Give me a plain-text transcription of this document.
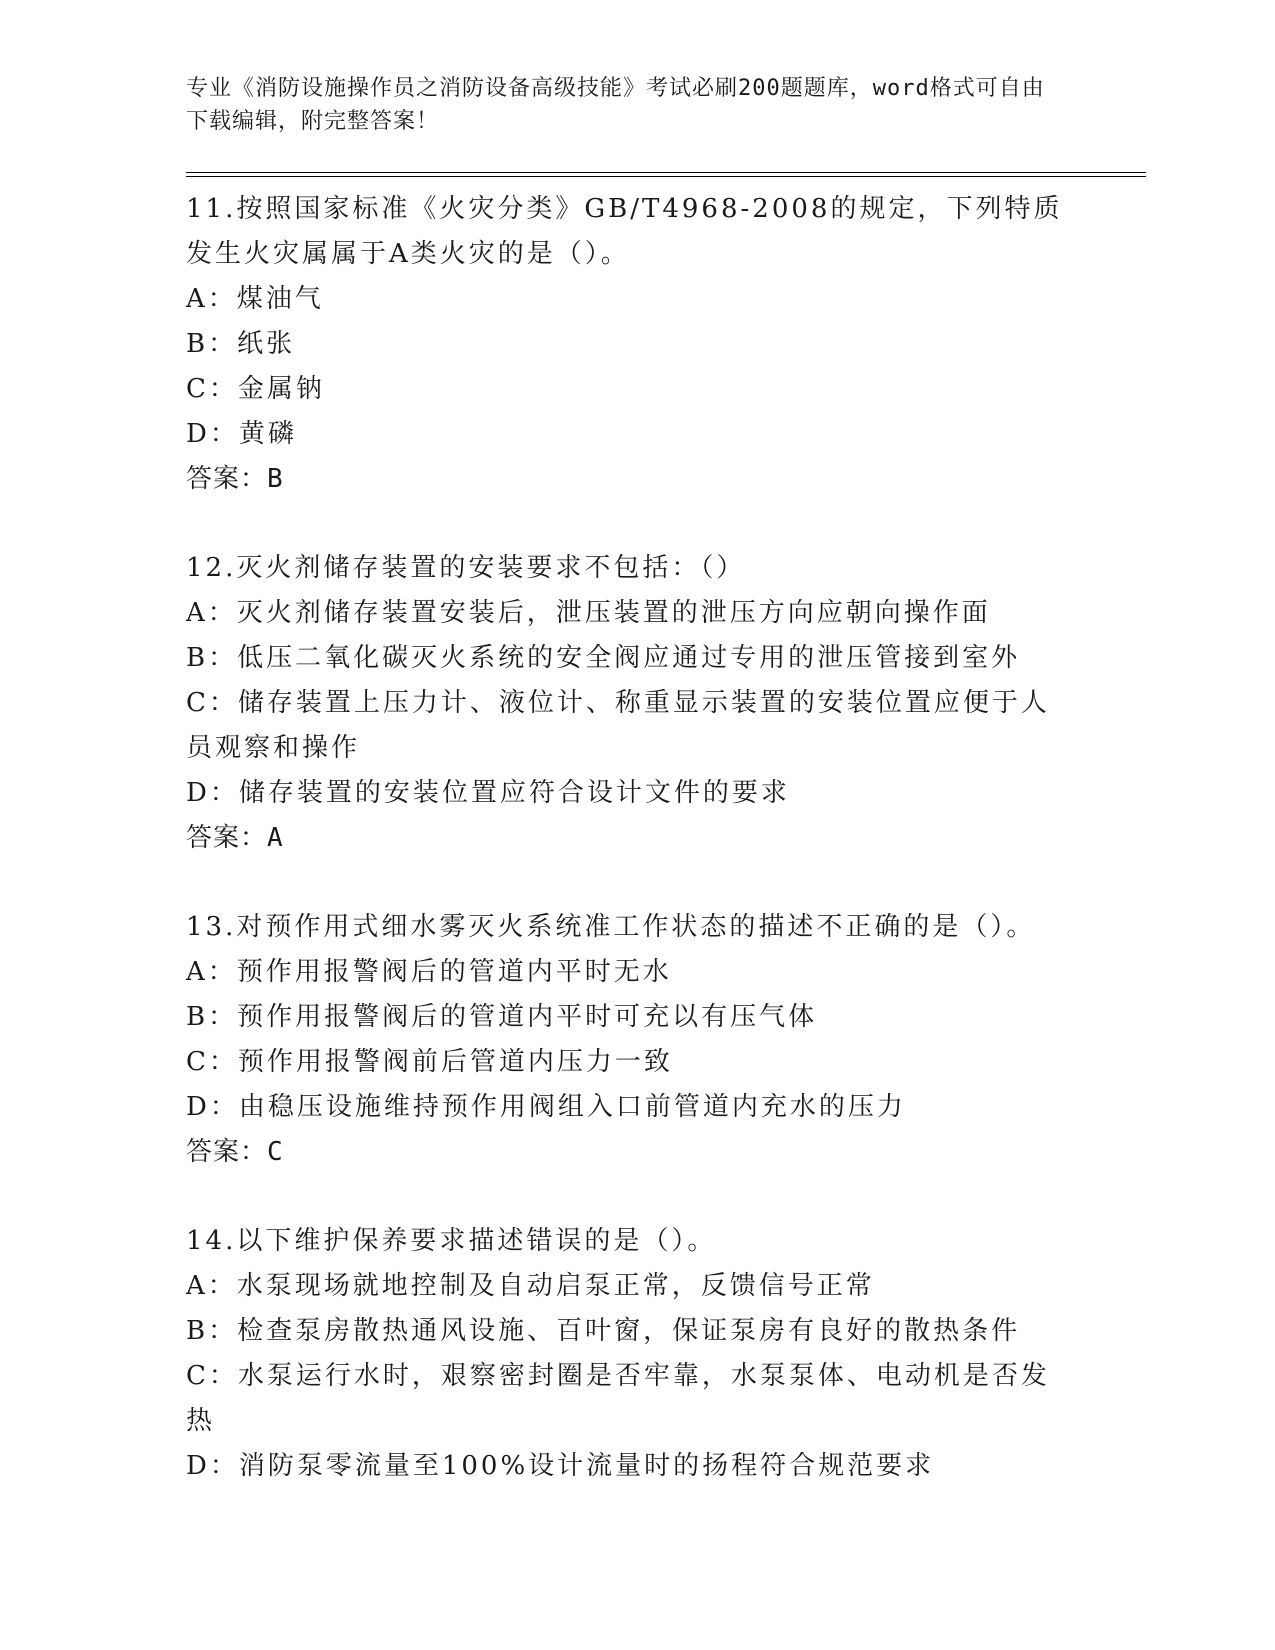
专业《消防设施操作员之消防设备高级技能》考试必刷200题题库，word格式可自由下载编辑，附完整答案！

11.按照国家标准《火灾分类》GB/T4968-2008的规定，下列特质发生火灾属属于A类火灾的是（）。

A：煤油气

B：纸张

C：金属钠

D：黄磷

答案：B

12.灭火剂储存装置的安装要求不包括：（）

A：灭火剂储存装置安装后，泄压装置的泄压方向应朝向操作面

B：低压二氧化碳灭火系统的安全阀应通过专用的泄压管接到室外

C：储存装置上压力计、液位计、称重显示装置的安装位置应便于人员观察和操作

D：储存装置的安装位置应符合设计文件的要求

答案：A

13.对预作用式细水雾灭火系统准工作状态的描述不正确的是（）。

A：预作用报警阀后的管道内平时无水

B：预作用报警阀后的管道内平时可充以有压气体

C：预作用报警阀前后管道内压力一致

D：由稳压设施维持预作用阀组入口前管道内充水的压力

答案：C

14.以下维护保养要求描述错误的是（）。

A：水泵现场就地控制及自动启泵正常，反馈信号正常

B：检查泵房散热通风设施、百叶窗，保证泵房有良好的散热条件

C：水泵运行水时，艰察密封圈是否牢靠，水泵泵体、电动机是否发热

D：消防泵零流量至100%设计流量时的扬程符合规范要求
